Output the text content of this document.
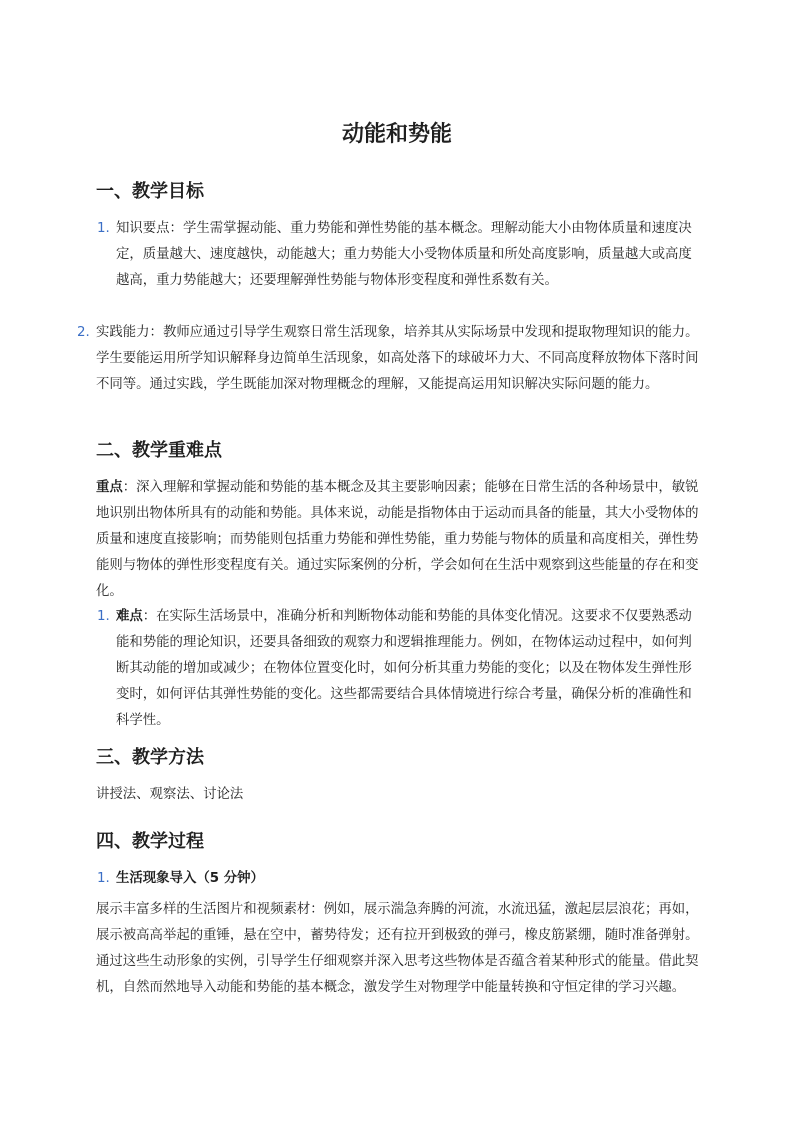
动能和势能
一、教学目标
1. 知识要点：学生需掌握动能、重力势能和弹性势能的基本概念。理解动能大小由物体质量和速度决定，质量越大、速度越快，动能越大；重力势能大小受物体质量和所处高度影响，质量越大或高度越高，重力势能越大；还要理解弹性势能与物体形变程度和弹性系数有关。
2. 实践能力：教师应通过引导学生观察日常生活现象，培养其从实际场景中发现和提取物理知识的能力。学生要能运用所学知识解释身边简单生活现象，如高处落下的球破坏力大、不同高度释放物体下落时间不同等。通过实践，学生既能加深对物理概念的理解，又能提高运用知识解决实际问题的能力。
二、教学重难点
重点：深入理解和掌握动能和势能的基本概念及其主要影响因素；能够在日常生活的各种场景中，敏锐地识别出物体所具有的动能和势能。具体来说，动能是指物体由于运动而具备的能量，其大小受物体的质量和速度直接影响；而势能则包括重力势能和弹性势能，重力势能与物体的质量和高度相关，弹性势能则与物体的弹性形变程度有关。通过实际案例的分析，学会如何在生活中观察到这些能量的存在和变化。
1. 难点：在实际生活场景中，准确分析和判断物体动能和势能的具体变化情况。这要求不仅要熟悉动能和势能的理论知识，还要具备细致的观察力和逻辑推理能力。例如，在物体运动过程中，如何判断其动能的增加或减少；在物体位置变化时，如何分析其重力势能的变化；以及在物体发生弹性形变时，如何评估其弹性势能的变化。这些都需要结合具体情境进行综合考量，确保分析的准确性和科学性。
三、教学方法
讲授法、观察法、讨论法
四、教学过程
1. 生活现象导入（5 分钟）
展示丰富多样的生活图片和视频素材：例如，展示湍急奔腾的河流，水流迅猛，激起层层浪花；再如，展示被高高举起的重锤，悬在空中，蓄势待发；还有拉开到极致的弹弓，橡皮筋紧绷，随时准备弹射。通过这些生动形象的实例，引导学生仔细观察并深入思考这些物体是否蕴含着某种形式的能量。借此契机，自然而然地导入动能和势能的基本概念，激发学生对物理学中能量转换和守恒定律的学习兴趣。
